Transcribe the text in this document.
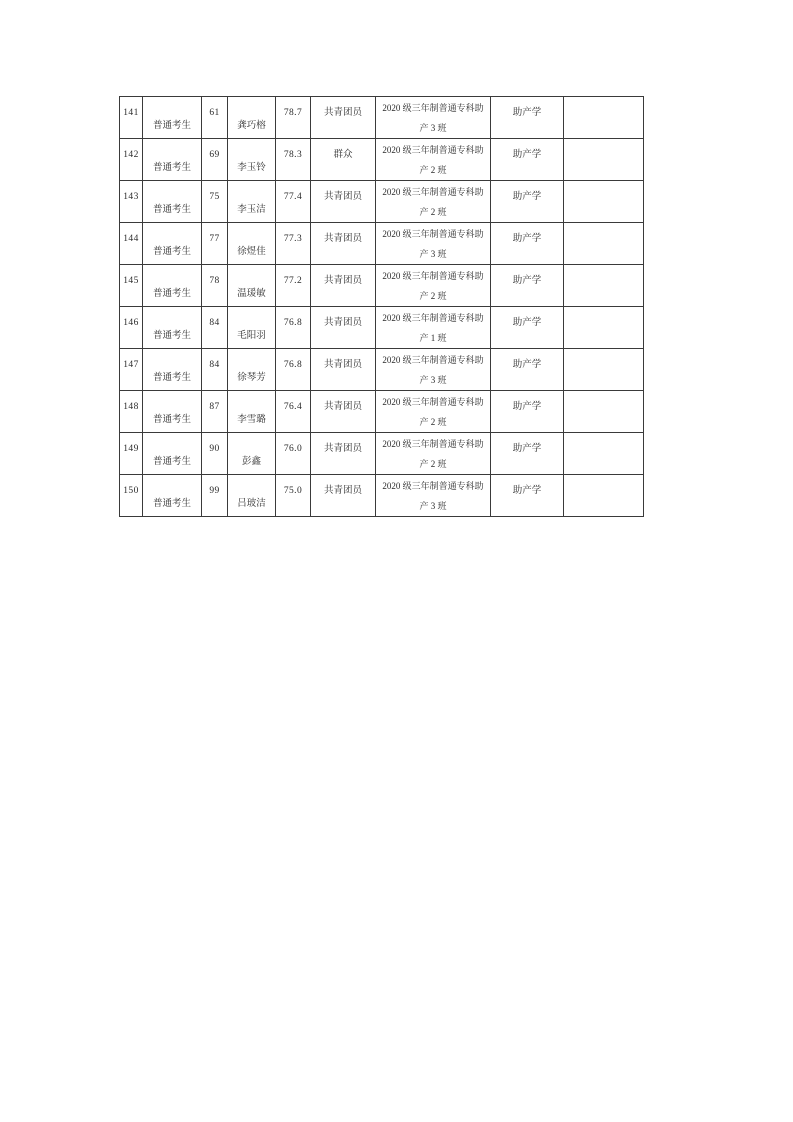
141	普通考生	61	龚巧榕	78.7	共青团员	2020 级三年制普通专科助
产 3 班	助产学	

142	普通考生	69	李玉铃	78.3	群众	2020 级三年制普通专科助
产 2 班	助产学	

143	普通考生	75	李玉洁	77.4	共青团员	2020 级三年制普通专科助
产 2 班	助产学	

144	普通考生	77	徐煜佳	77.3	共青团员	2020 级三年制普通专科助
产 3 班	助产学	

145	普通考生	78	温瑗敏	77.2	共青团员	2020 级三年制普通专科助
产 2 班	助产学	

146	普通考生	84	毛阳羽	76.8	共青团员	2020 级三年制普通专科助
产 1 班	助产学	

147	普通考生	84	徐琴芳	76.8	共青团员	2020 级三年制普通专科助
产 3 班	助产学	

148	普通考生	87	李雪璐	76.4	共青团员	2020 级三年制普通专科助
产 2 班	助产学	

149	普通考生	90	彭鑫	76.0	共青团员	2020 级三年制普通专科助
产 2 班	助产学	

150	普通考生	99	吕玻洁	75.0	共青团员	2020 级三年制普通专科助
产 3 班	助产学	
